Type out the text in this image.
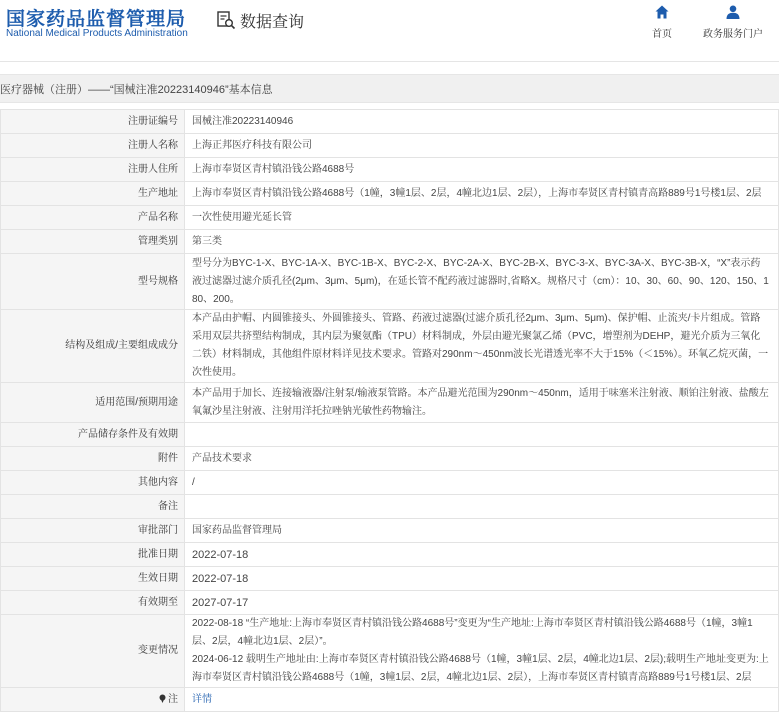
国家药品监督管理局
National Medical Products Administration
数据查询
首页	政务服务门户
医疗器械（注册）——“国械注准20223140946”基本信息
注册证编号	国械注准20223140946
注册人名称	上海正邦医疗科技有限公司
注册人住所	上海市奉贤区青村镇沿钱公路4688号
生产地址	上海市奉贤区青村镇沿钱公路4688号（1幢，3幢1层、2层，4幢北边1层、2层），上海市奉贤区青村镇青高路889号1号楼1层、2层
产品名称	一次性使用避光延长管
管理类别	第三类
型号规格	型号分为BYC-1-X、BYC-1A-X、BYC-1B-X、BYC-2-X、BYC-2A-X、BYC-2B-X、BYC-3-X、BYC-3A-X、BYC-3B-X，“X”表示药液过滤器过滤介质孔径(2μm、3μm、5μm)，在延长管不配药液过滤器时,省略X。规格尺寸（cm）：10、30、60、90、120、150、180、200。
结构及组成/主要组成成分	本产品由护帽、内圆锥接头、外圆锥接头、管路、药液过滤器(过滤介质孔径2μm、3μm、5μm)、保护帽、止流夹/卡片组成。管路采用双层共挤塑结构制成，其内层为聚氨酯（TPU）材料制成，外层由避光聚氯乙烯（PVC，增塑剂为DEHP，避光介质为三氧化二铁）材料制成，其他组件原材料详见技术要求。管路对290nm～450nm波长光谱透光率不大于15%（＜15%）。环氧乙烷灭菌，一次性使用。
适用范围/预期用途	本产品用于加长、连接输液器/注射泵/输液泵管路。本产品避光范围为290nm～450nm，适用于味塞米注射液、顺铂注射液、盐酸左氧氟沙星注射液、注射用洋托拉唑钠光敏性药物输注。
产品储存条件及有效期	
附件	产品技术要求
其他内容	/
备注	
审批部门	国家药品监督管理局
批准日期	2022-07-18
生效日期	2022-07-18
有效期至	2027-07-17
变更情况	2022-08-18 “生产地址:上海市奉贤区青村镇沿钱公路4688号”变更为“生产地址:上海市奉贤区青村镇沿钱公路4688号（1幢，3幢1层、2层，4幢北边1层、2层）”。
2024-06-12 载明生产地址由:上海市奉贤区青村镇沿钱公路4688号（1幢，3幢1层、2层，4幢北边1层、2层);载明生产地址变更为:上海市奉贤区青村镇沿钱公路4688号（1幢，3幢1层、2层，4幢北边1层、2层），上海市奉贤区青村镇青高路889号1号楼1层、2层

注	详情
